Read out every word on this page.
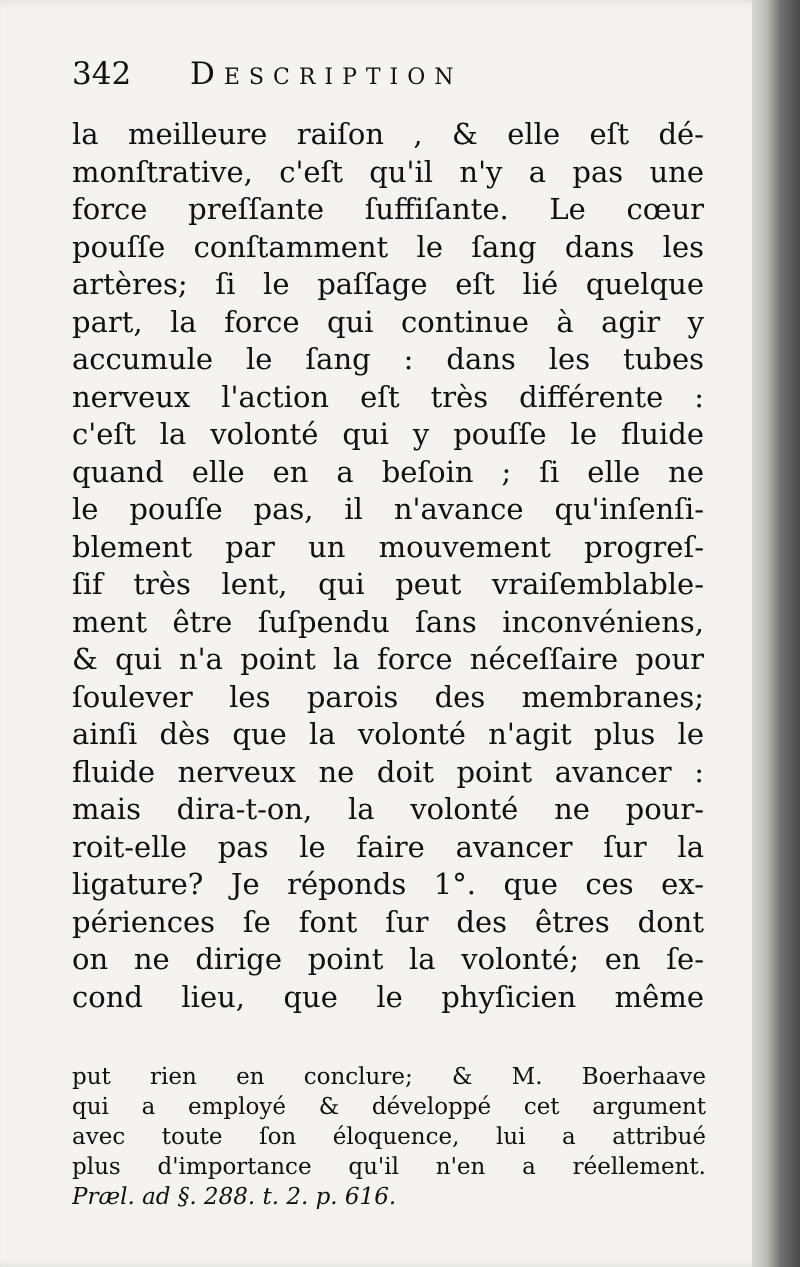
342 Description
la meilleure raiſon , & elle eſt dé-
monſtrative, c'eſt qu'il n'y a pas une
force preſſante ſuffiſante. Le cœur
pouſſe conſtamment le ſang dans les
artères; ſi le paſſage eſt lié quelque
part, la force qui continue à agir y
accumule le ſang : dans les tubes
nerveux l'action eſt très différente :
c'eſt la volonté qui y pouſſe le fluide
quand elle en a beſoin ; ſi elle ne
le pouſſe pas, il n'avance qu'inſenſi-
blement par un mouvement progreſ-
ſif très lent, qui peut vraiſemblable-
ment être ſuſpendu ſans inconvéniens,
& qui n'a point la force néceſſaire pour
ſoulever les parois des membranes;
ainſi dès que la volonté n'agit plus le
fluide nerveux ne doit point avancer :
mais dira-t-on, la volonté ne pour-
roit-elle pas le faire avancer ſur la
ligature? Je réponds 1°. que ces ex-
périences ſe font ſur des êtres dont
on ne dirige point la volonté; en ſe-
cond lieu, que le phyſicien même
put rien en conclure; & M. Boerhaave
qui a employé & développé cet argument
avec toute ſon éloquence, lui a attribué
plus d'importance qu'il n'en a réellement.
Præl. ad §. 288. t. 2. p. 616.
